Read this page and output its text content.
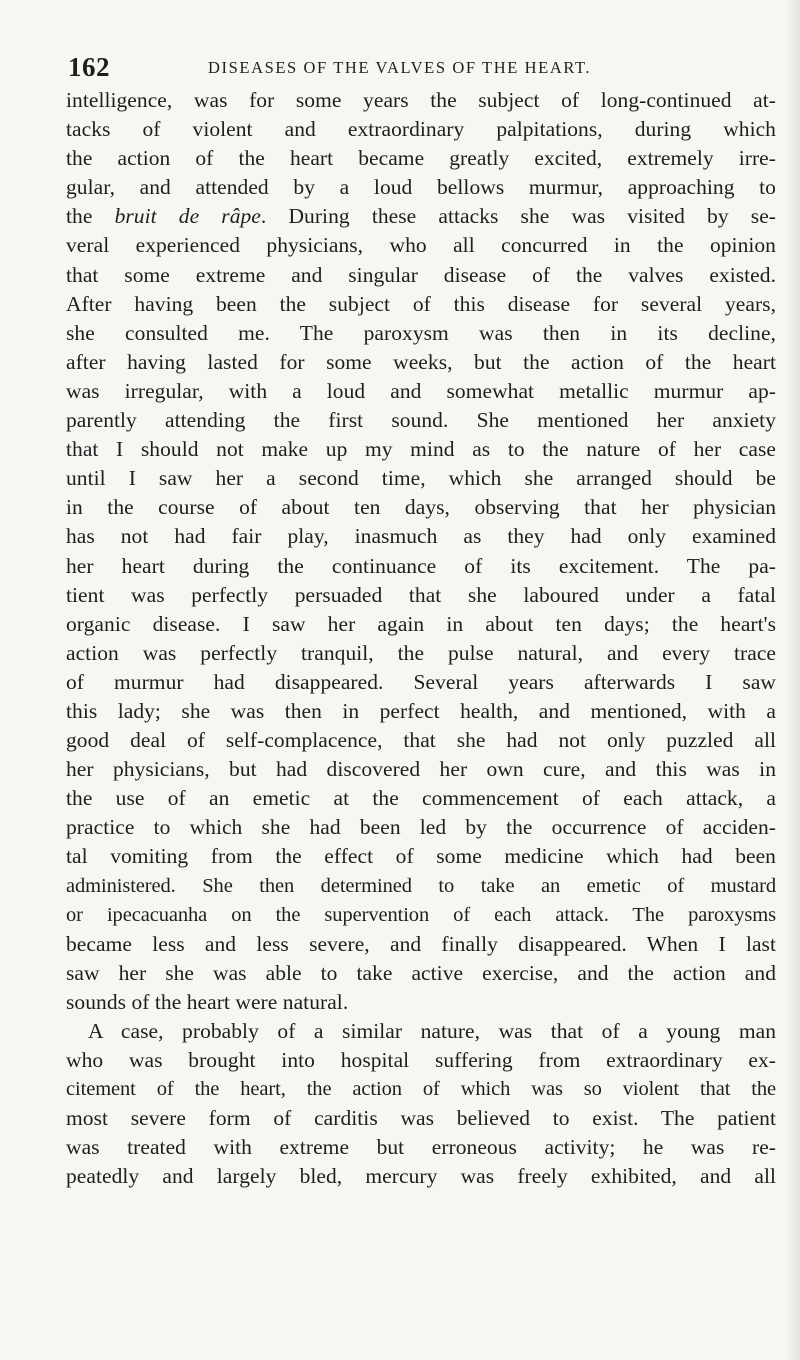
162	DISEASES OF THE VALVES OF THE HEART.
intelligence, was for some years the subject of long-continued at-
tacks of violent and extraordinary palpitations, during which
the action of the heart became greatly excited, extremely irre-
gular, and attended by a loud bellows murmur, approaching to
the bruit de râpe. During these attacks she was visited by se-
veral experienced physicians, who all concurred in the opinion
that some extreme and singular disease of the valves existed.
After having been the subject of this disease for several years,
she consulted me. The paroxysm was then in its decline,
after having lasted for some weeks, but the action of the heart
was irregular, with a loud and somewhat metallic murmur ap-
parently attending the first sound. She mentioned her anxiety
that I should not make up my mind as to the nature of her case
until I saw her a second time, which she arranged should be
in the course of about ten days, observing that her physician
has not had fair play, inasmuch as they had only examined
her heart during the continuance of its excitement. The pa-
tient was perfectly persuaded that she laboured under a fatal
organic disease. I saw her again in about ten days; the heart's
action was perfectly tranquil, the pulse natural, and every trace
of murmur had disappeared. Several years afterwards I saw
this lady; she was then in perfect health, and mentioned, with a
good deal of self-complacence, that she had not only puzzled all
her physicians, but had discovered her own cure, and this was in
the use of an emetic at the commencement of each attack, a
practice to which she had been led by the occurrence of acciden-
tal vomiting from the effect of some medicine which had been
administered. She then determined to take an emetic of mustard
or ipecacuanha on the supervention of each attack. The paroxysms
became less and less severe, and finally disappeared. When I last
saw her she was able to take active exercise, and the action and
sounds of the heart were natural.
A case, probably of a similar nature, was that of a young man
who was brought into hospital suffering from extraordinary ex-
citement of the heart, the action of which was so violent that the
most severe form of carditis was believed to exist. The patient
was treated with extreme but erroneous activity; he was re-
peatedly and largely bled, mercury was freely exhibited, and all
